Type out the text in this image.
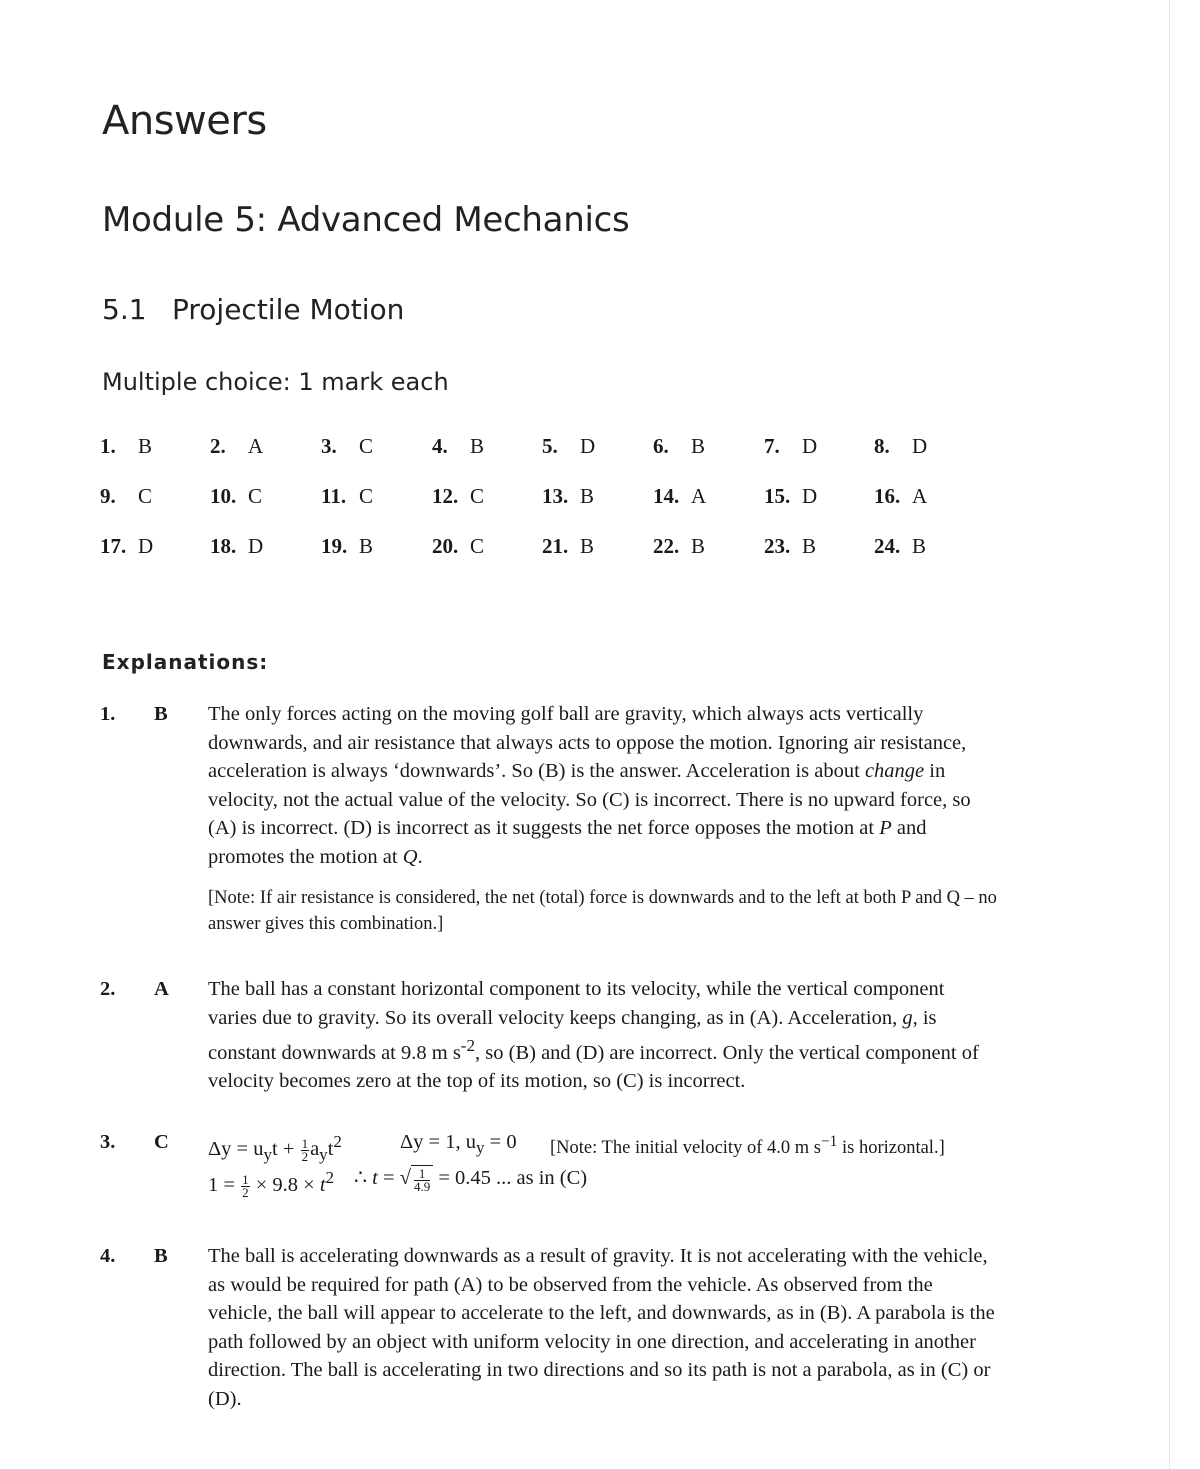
Answers
Module 5: Advanced Mechanics
5.1 Projectile Motion
Multiple choice: 1 mark each
1. B	2. A	3. C	4. B	5. D	6. B	7. D	8. D
9. C	10. C	11. C	12. C	13. B	14. A	15. D	16. A
17. D	18. D	19. B	20. C	21. B	22. B	23. B	24. B
Explanations:
1. B The only forces acting on the moving golf ball are gravity, which always acts vertically downwards, and air resistance that always acts to oppose the motion. Ignoring air resistance, acceleration is always ‘downwards’. So (B) is the answer. Acceleration is about change in velocity, not the actual value of the velocity. So (C) is incorrect. There is no upward force, so (A) is incorrect. (D) is incorrect as it suggests the net force opposes the motion at P and promotes the motion at Q.

[Note: If air resistance is considered, the net (total) force is downwards and to the left at both P and Q – no answer gives this combination.]

2. A The ball has a constant horizontal component to its velocity, while the vertical component varies due to gravity. So its overall velocity keeps changing, as in (A). Acceleration, g, is constant downwards at 9.8 m $s^{-2}$, so (B) and (D) are incorrect. Only the vertical component of velocity becomes zero at the top of its motion, so (C) is incorrect.

3. C $\Delta y = u_yt + \frac{1}{2} a_yt^2$	Δy = 1, $u_y = 0$ [Note: The initial velocity of 4.0 m $s^{-1}$ is horizontal.]
$1 = \frac{1}{2} \times 9.8 \times t^2$ ∴ t = √ $\frac{1}{4.9} = 0.45$ ... as in (C)
4. B The ball is accelerating downwards as a result of gravity. It is not accelerating with the vehicle, as would be required for path (A) to be observed from the vehicle. As observed from the vehicle, the ball will appear to accelerate to the left, and downwards, as in (B). A parabola is the path followed by an object with uniform velocity in one direction, and accelerating in another direction. The ball is accelerating in two directions and so its path is not a parabola, as in (C) or (D).
